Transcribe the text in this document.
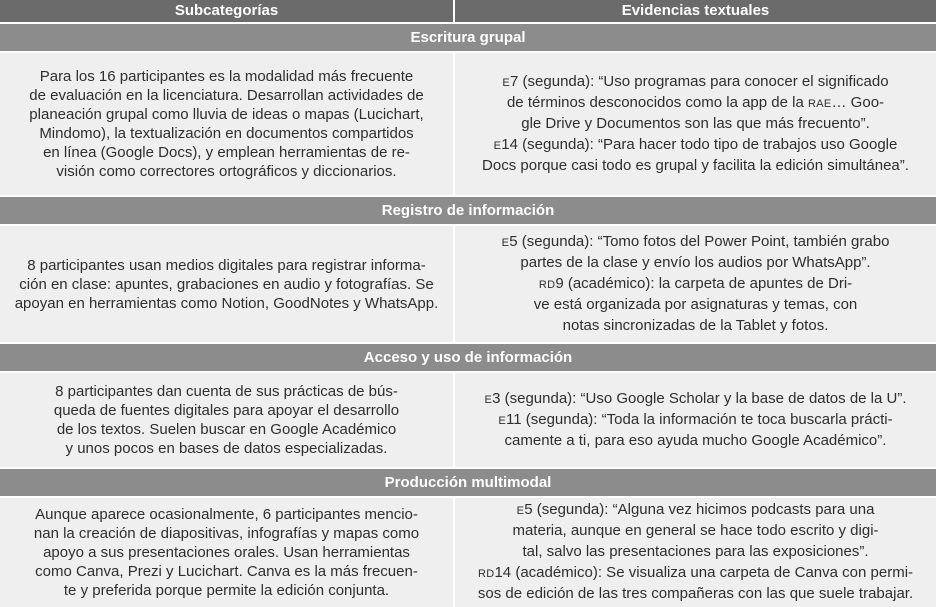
Subcategorías	Evidencias textuales
Escritura grupal
Para los 16 participantes es la modalidad más frecuente
de evaluación en la licenciatura. Desarrollan actividades de
planeación grupal como lluvia de ideas o mapas (Lucichart,
Mindomo), la textualización en documentos compartidos
en línea (Google Docs), y emplean herramientas de re-
visión como correctores ortográficos y diccionarios.
E7 (segunda): “Uso programas para conocer el significado
de términos desconocidos como la app de la RAE… Goo-
gle Drive y Documentos son las que más frecuento”.
E14 (segunda): “Para hacer todo tipo de trabajos uso Google
Docs porque casi todo es grupal y facilita la edición simultánea”.
Registro de información
8 participantes usan medios digitales para registrar informa-
ción en clase: apuntes, grabaciones en audio y fotografías. Se
apoyan en herramientas como Notion, GoodNotes y WhatsApp.
E5 (segunda): “Tomo fotos del Power Point, también grabo
partes de la clase y envío los audios por WhatsApp”.
RD9 (académico): la carpeta de apuntes de Dri-
ve está organizada por asignaturas y temas, con
notas sincronizadas de la Tablet y fotos.
Acceso y uso de información
8 participantes dan cuenta de sus prácticas de bús-
queda de fuentes digitales para apoyar el desarrollo
de los textos. Suelen buscar en Google Académico
y unos pocos en bases de datos especializadas.
E3 (segunda): “Uso Google Scholar y la base de datos de la U”.
E11 (segunda): “Toda la información te toca buscarla prácti-
camente a ti, para eso ayuda mucho Google Académico”.
Producción multimodal
Aunque aparece ocasionalmente, 6 participantes mencio-
nan la creación de diapositivas, infografías y mapas como
apoyo a sus presentaciones orales. Usan herramientas
como Canva, Prezi y Lucichart. Canva es la más frecuen-
te y preferida porque permite la edición conjunta.
E5 (segunda): “Alguna vez hicimos podcasts para una
materia, aunque en general se hace todo escrito y digi-
tal, salvo las presentaciones para las exposiciones”.
RD14 (académico): Se visualiza una carpeta de Canva con permi-
sos de edición de las tres compañeras con las que suele trabajar.
